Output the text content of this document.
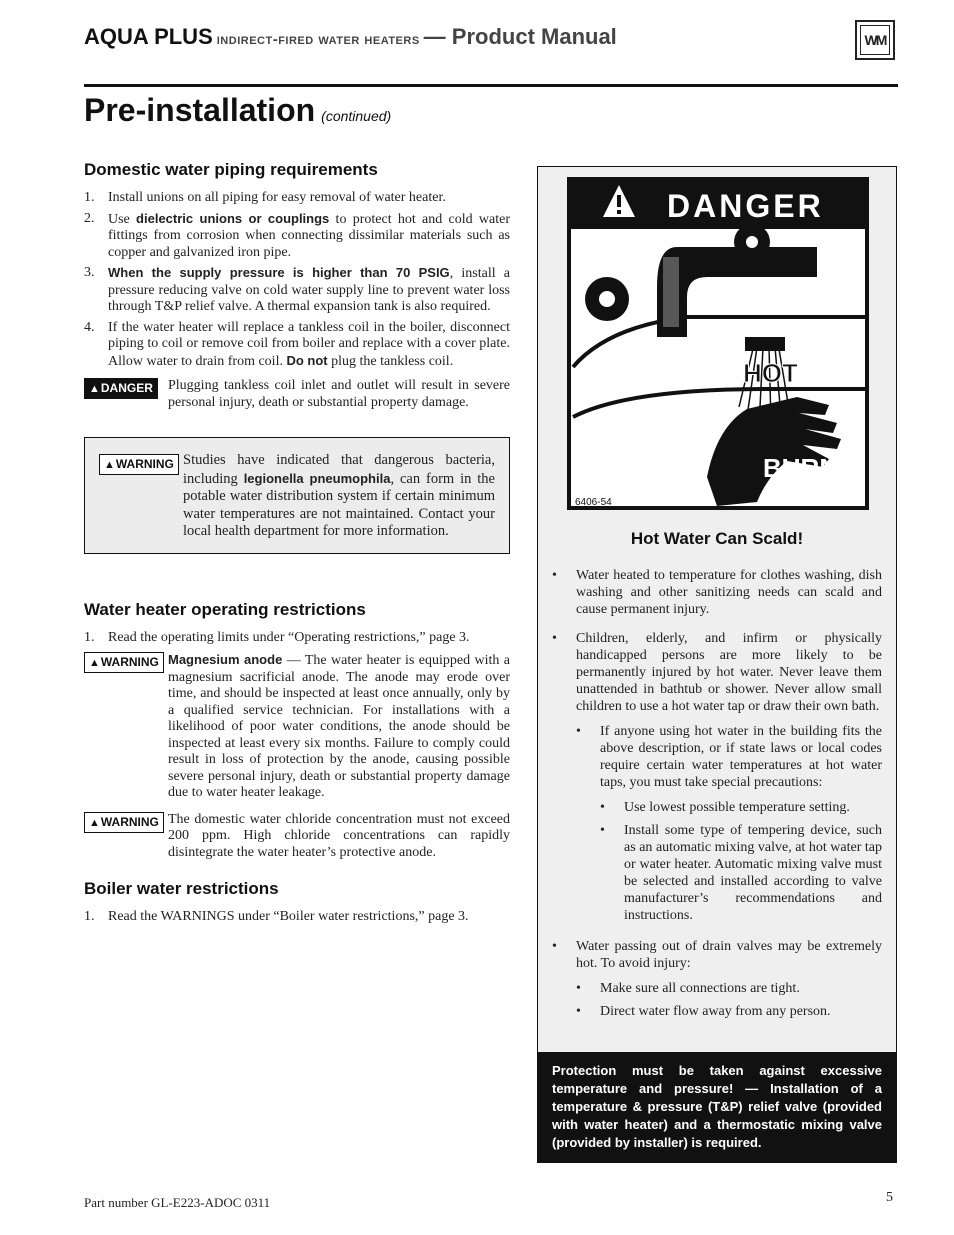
AQUA PLUS indirect-fired water heaters — Product Manual	WM
Pre-installation (continued)
Domestic water piping requirements
1. Install unions on all piping for easy removal of water heater.
2. Use dielectric unions or couplings to protect hot and cold water fittings from corrosion when connecting dissimilar materials such as copper and galvanized iron pipe.
3. When the supply pressure is higher than 70 PSIG, install a pressure reducing valve on cold water supply line to prevent water loss through T&P relief valve. A thermal expansion tank is also required.
4. If the water heater will replace a tankless coil in the boiler, disconnect piping to coil or remove coil from boiler and replace with a cover plate. Allow water to drain from coil. Do not plug the tankless coil.
▲DANGER	Plugging tankless coil inlet and outlet will result in severe personal injury, death or substantial property damage.
▲WARNING Studies have indicated that dangerous bacteria, including legionella pneumophila, can form in the potable water distribution system if certain minimum water temperatures are not maintained. Contact your local health department for more information.
Water heater operating restrictions
1. Read the operating limits under “Operating restrictions,” page 3.
▲WARNING Magnesium anode — The water heater is equipped with a magnesium sacrificial anode. The anode may erode over time, and should be inspected at least once annually, only by a qualified service technician. For installations with a likelihood of poor water conditions, the anode should be inspected at least every six months. Failure to comply could result in loss of protection by the anode, causing possible severe personal injury, death or substantial property damage due to water heater leakage.
▲WARNING The domestic water chloride concentration must not exceed 200 ppm. High chloride concentrations can rapidly disintegrate the water heater’s protective anode.
Boiler water restrictions
1. Read the WARNINGS under “Boiler water restrictions,” page 3.
DANGER
HOT
BURN
6406-54
Hot Water Can Scald!
• Water heated to temperature for clothes washing, dish washing and other sanitizing needs can scald and cause permanent injury.
• Children, elderly, and infirm or physically handicapped persons are more likely to be permanently injured by hot water. Never leave them unattended in bathtub or shower. Never allow small children to use a hot water tap or draw their own bath.
• If anyone using hot water in the building fits the above description, or if state laws or local codes require certain water temperatures at hot water taps, you must take special precautions:
• Use lowest possible temperature setting.
• Install some type of tempering device, such as an automatic mixing valve, at hot water tap or water heater. Automatic mixing valve must be selected and installed according to valve manufacturer’s recommendations and instructions.
• Water passing out of drain valves may be extremely hot. To avoid injury:
• Make sure all connections are tight.
• Direct water flow away from any person.
Protection must be taken against excessive temperature and pressure! — Installation of a temperature & pressure (T&P) relief valve (provided with water heater) and a thermostatic mixing valve (provided by installer) is required.
Part number GL-E223-ADOC 0311	5
